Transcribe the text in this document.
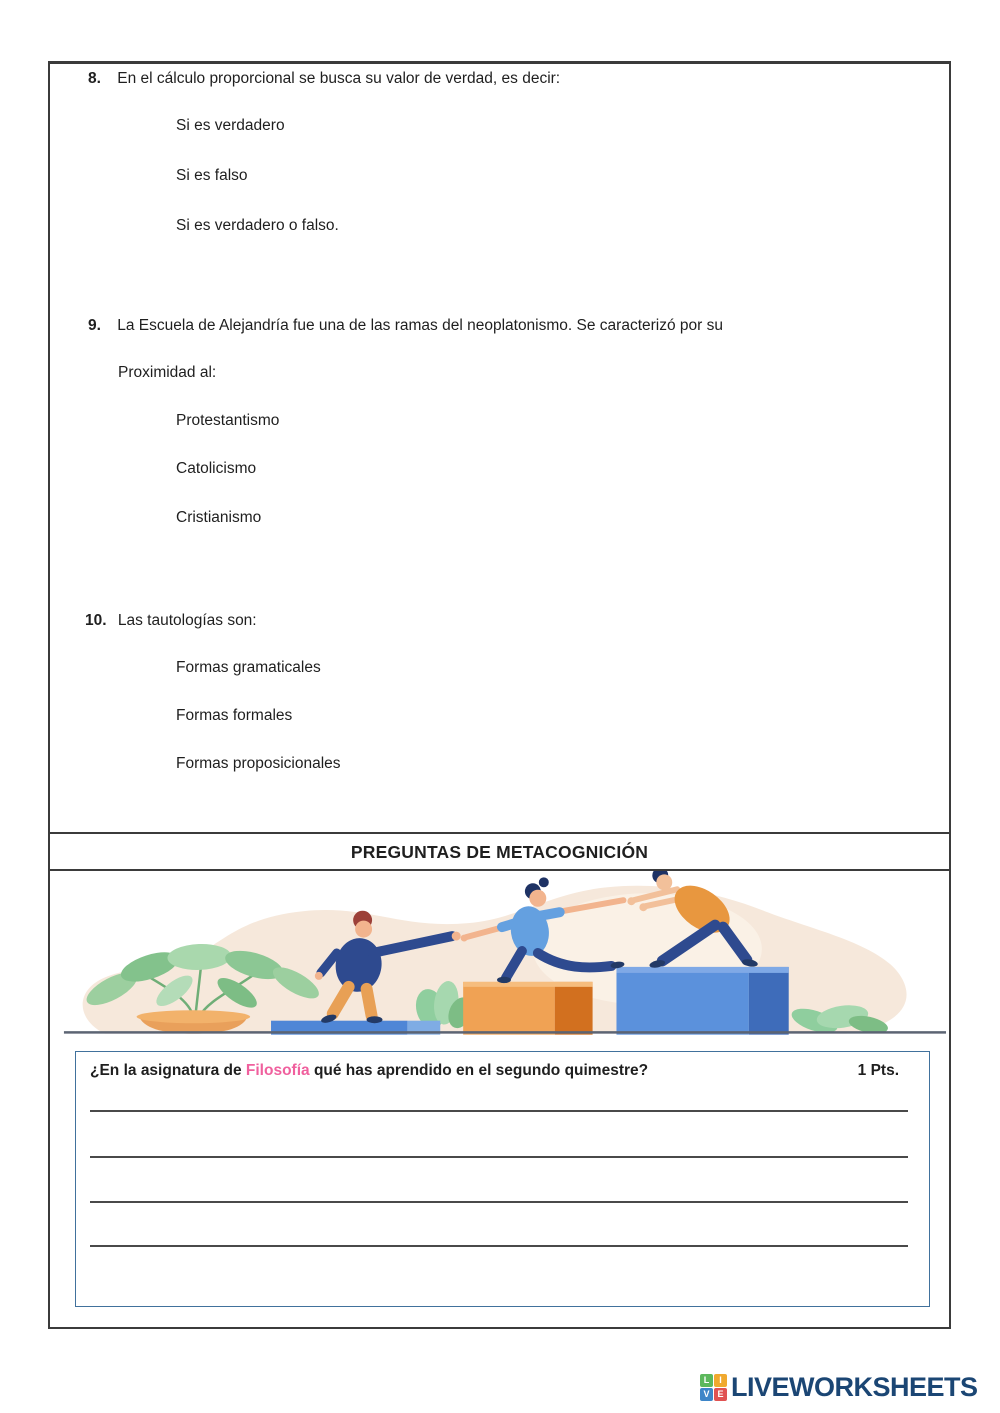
8. En el cálculo proporcional se busca su valor de verdad, es decir:
Si es verdadero
Si es falso
Si es verdadero o falso.
9. La Escuela de Alejandría fue una de las ramas del neoplatonismo. Se caracterizó por su
Proximidad al:
Protestantismo
Catolicismo
Cristianismo
10. Las tautologías son:
Formas gramaticales
Formas formales
Formas proposicionales
PREGUNTAS DE METACOGNICIÓN
¿En la asignatura de Filosofía qué has aprendido en el segundo quimestre?	1 Pts.
L	I
V E LIVEWORKSHEETS
